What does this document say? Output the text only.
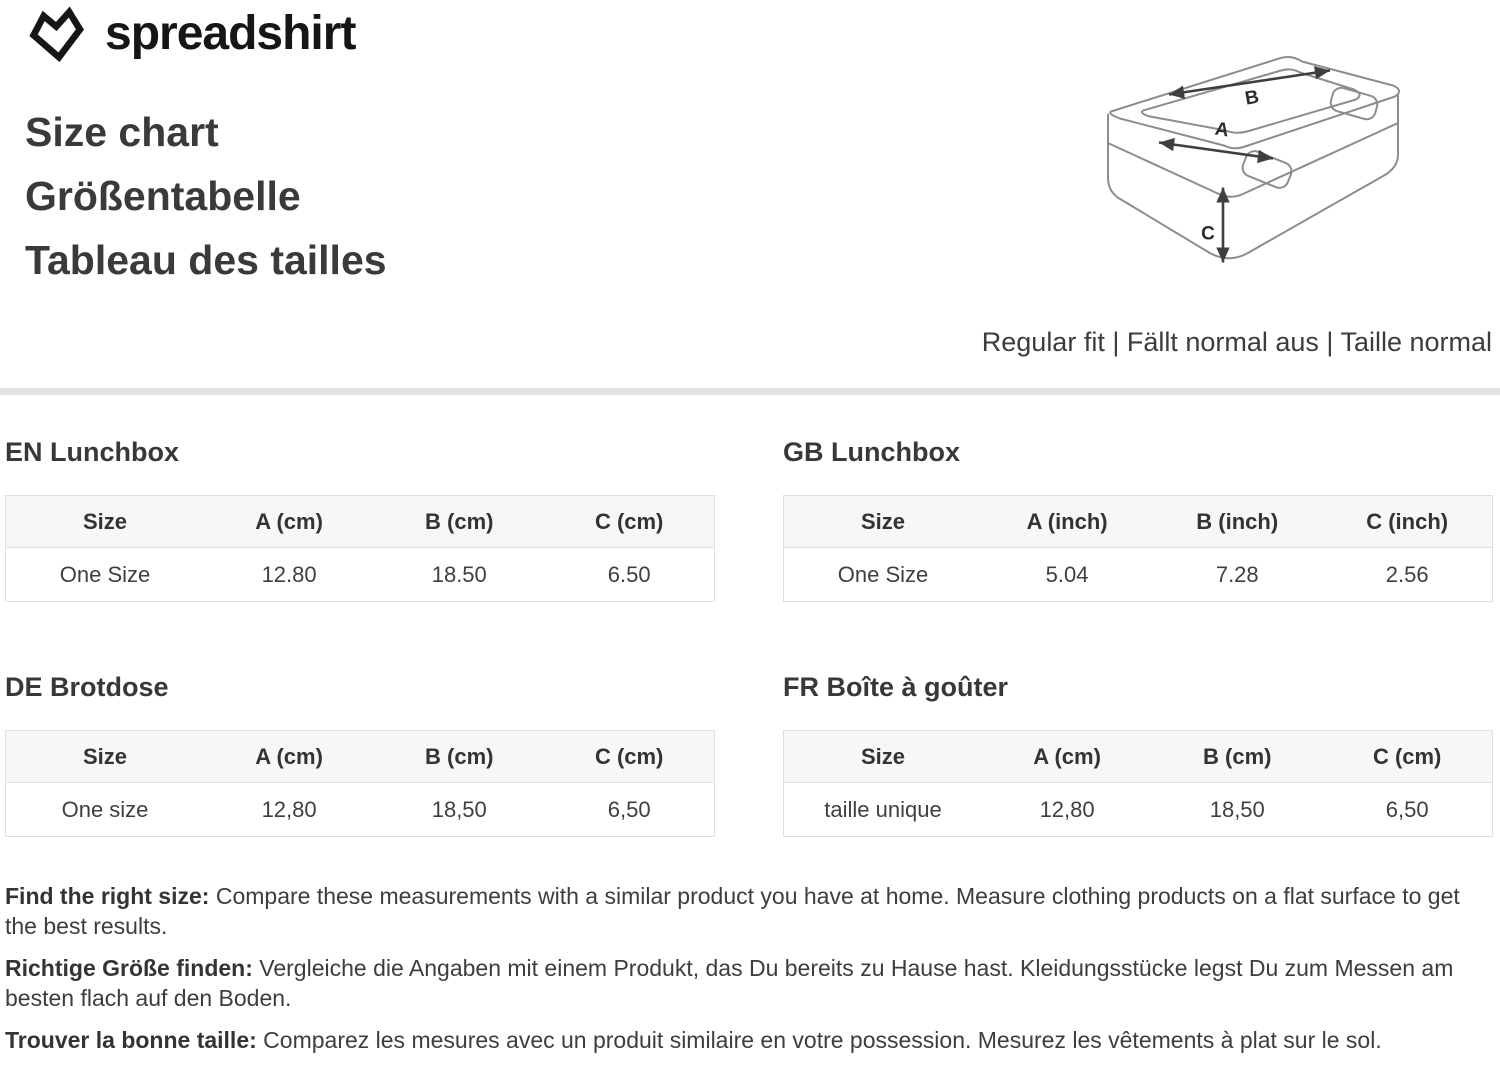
spreadshirt
Size chart
Größentabelle
Tableau des tailles
B
A
C
Regular fit | Fällt normal aus | Taille normal
EN Lunchbox
Size	A (cm)	B (cm)	C (cm)
One Size	12.80	18.50	6.50
GB Lunchbox
Size	A (inch)	B (inch)	C (inch)
One Size	5.04	7.28	2.56
DE Brotdose
Size	A (cm)	B (cm)	C (cm)
One size	12,80	18,50	6,50
FR Boîte à goûter
Size	A (cm)	B (cm)	C (cm)
taille unique	12,80	18,50	6,50

Find the right size: Compare these measurements with a similar product you have at home. Measure clothing products on a flat surface to get the best results.

Richtige Größe finden: Vergleiche die Angaben mit einem Produkt, das Du bereits zu Hause hast. Kleidungsstücke legst Du zum Messen am besten flach auf den Boden.

Trouver la bonne taille: Comparez les mesures avec un produit similaire en votre possession. Mesurez les vêtements à plat sur le sol.
